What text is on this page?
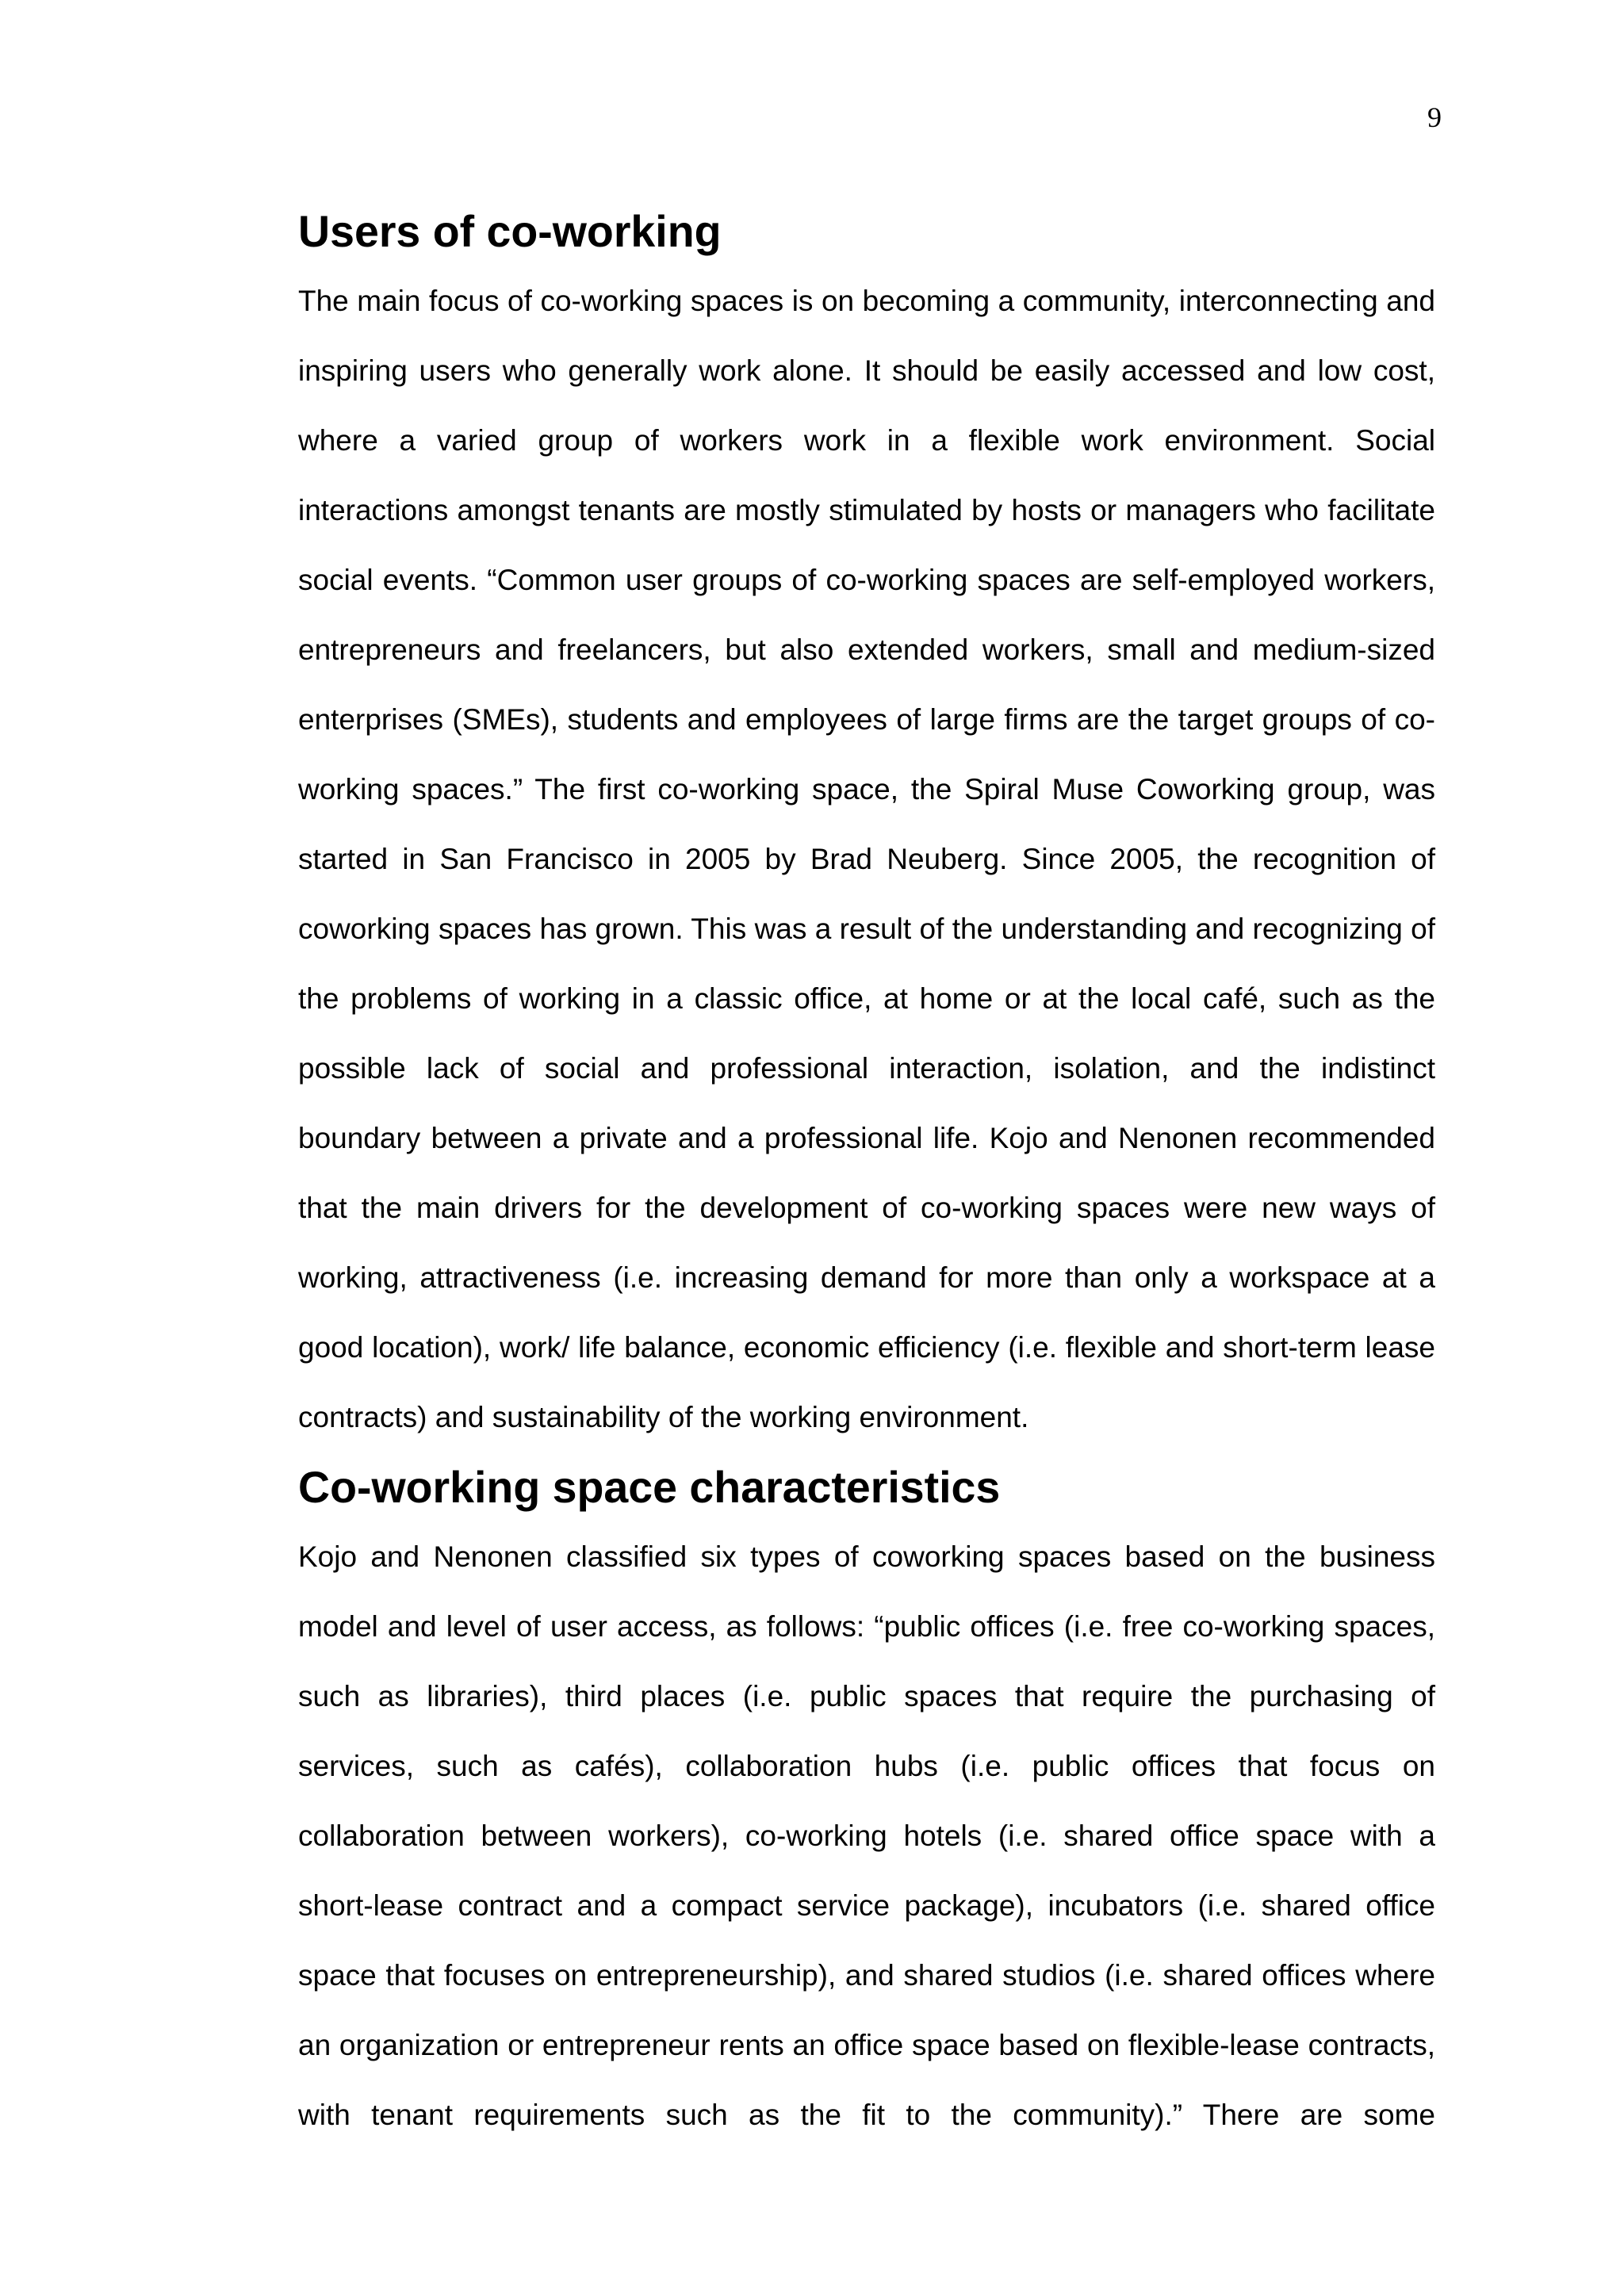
9
Users of co-working

The main focus of co-working spaces is on becoming a community, interconnecting and inspiring users who generally work alone. It should be easily accessed and low cost, where a varied group of workers work in a flexible work environment. Social interactions amongst tenants are mostly stimulated by hosts or managers who facilitate social events. “Common user groups of co-working spaces are self-employed workers, entrepreneurs and freelancers, but also extended workers, small and medium-sized enterprises (SMEs), students and employees of large firms are the target groups of co-working spaces.” The first co-working space, the Spiral Muse Coworking group, was started in San Francisco in 2005 by Brad Neuberg. Since 2005, the recognition of coworking spaces has grown. This was a result of the understanding and recognizing of the problems of working in a classic office, at home or at the local café, such as the possible lack of social and professional interaction, isolation, and the indistinct boundary between a private and a professional life. Kojo and Nenonen recommended that the main drivers for the development of co-working spaces were new ways of working, attractiveness (i.e. increasing demand for more than only a workspace at a good location), work/ life balance, economic efficiency (i.e. flexible and short-term lease contracts) and sustainability of the working environment.

Co-working space characteristics

Kojo and Nenonen classified six types of coworking spaces based on the business model and level of user access, as follows: “public offices (i.e. free co-working spaces, such as libraries), third places (i.e. public spaces that require the purchasing of services, such as cafés), collaboration hubs (i.e. public offices that focus on collaboration between workers), co-working hotels (i.e. shared office space with a short-lease contract and a compact service package), incubators (i.e. shared office space that focuses on entrepreneurship), and shared studios (i.e. shared offices where an organization or entrepreneur rents an office space based on flexible-lease contracts, with tenant requirements such as the fit to the community).” There are some
